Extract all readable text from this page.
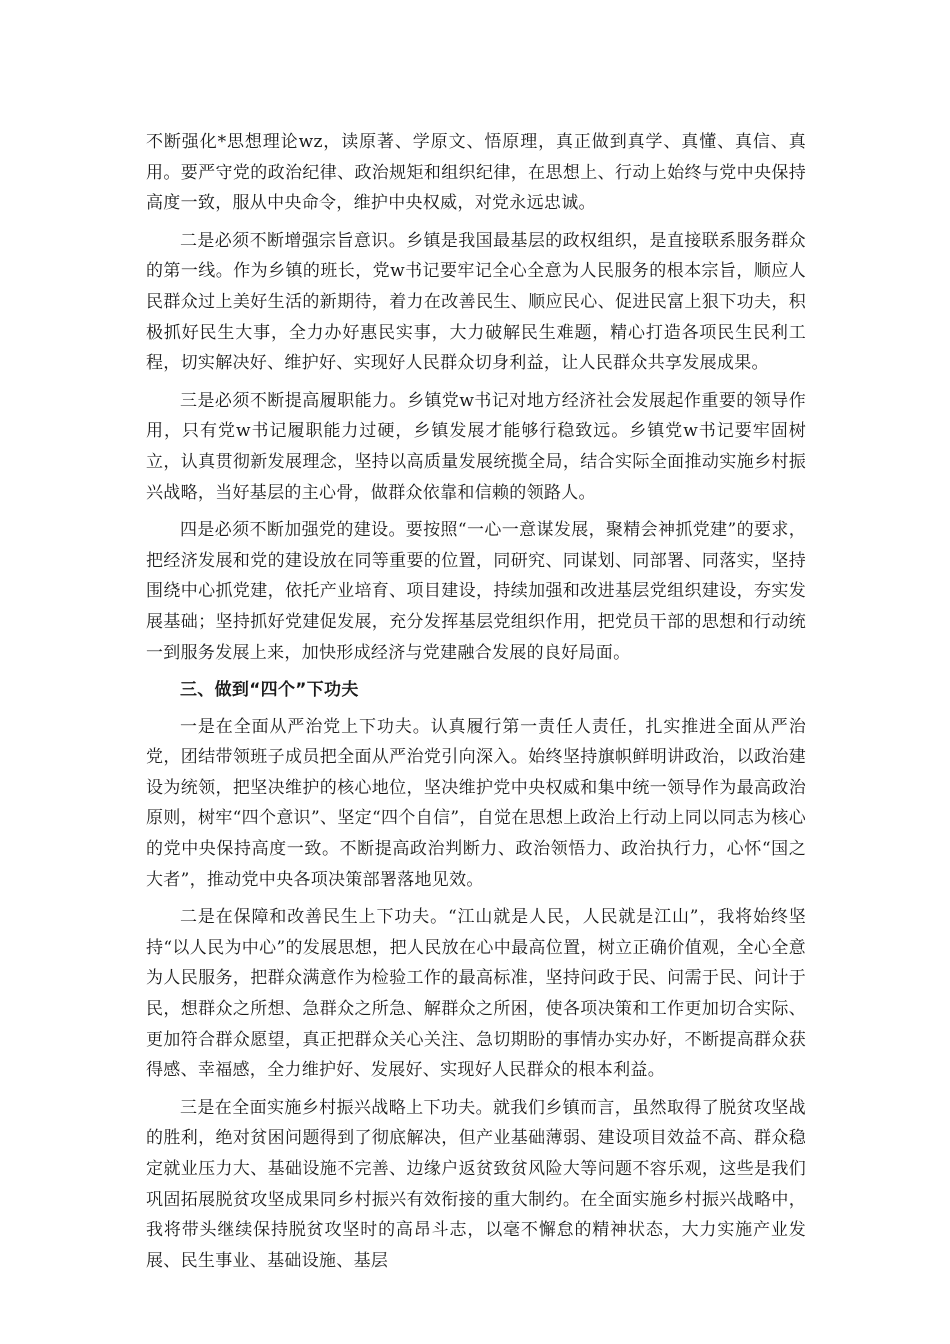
不断强化*思想理论wz，读原著、学原文、悟原理，真正做到真学、真懂、真信、真用。要严守党的政治纪律、政治规矩和组织纪律，在思想上、行动上始终与党中央保持高度一致，服从中央命令，维护中央权威，对党永远忠诚。

二是必须不断增强宗旨意识。乡镇是我国最基层的政权组织，是直接联系服务群众的第一线。作为乡镇的班长，党w书记要牢记全心全意为人民服务的根本宗旨，顺应人民群众过上美好生活的新期待，着力在改善民生、顺应民心、促进民富上狠下功夫，积极抓好民生大事，全力办好惠民实事，大力破解民生难题，精心打造各项民生民利工程，切实解决好、维护好、实现好人民群众切身利益，让人民群众共享发展成果。

三是必须不断提高履职能力。乡镇党w书记对地方经济社会发展起作重要的领导作用，只有党w书记履职能力过硬，乡镇发展才能够行稳致远。乡镇党w书记要牢固树立，认真贯彻新发展理念，坚持以高质量发展统揽全局，结合实际全面推动实施乡村振兴战略，当好基层的主心骨，做群众依靠和信赖的领路人。

四是必须不断加强党的建设。要按照“一心一意谋发展，聚精会神抓党建”的要求，把经济发展和党的建设放在同等重要的位置，同研究、同谋划、同部署、同落实，坚持围绕中心抓党建，依托产业培育、项目建设，持续加强和改进基层党组织建设，夯实发展基础；坚持抓好党建促发展，充分发挥基层党组织作用，把党员干部的思想和行动统一到服务发展上来，加快形成经济与党建融合发展的良好局面。

三、做到“四个”下功夫

一是在全面从严治党上下功夫。认真履行第一责任人责任，扎实推进全面从严治党，团结带领班子成员把全面从严治党引向深入。始终坚持旗帜鲜明讲政治，以政治建设为统领，把坚决维护的核心地位，坚决维护党中央权威和集中统一领导作为最高政治原则，树牢“四个意识”、坚定“四个自信”，自觉在思想上政治上行动上同以同志为核心的党中央保持高度一致。不断提高政治判断力、政治领悟力、政治执行力，心怀“国之大者”，推动党中央各项决策部署落地见效。

二是在保障和改善民生上下功夫。“江山就是人民，人民就是江山”，我将始终坚持“以人民为中心”的发展思想，把人民放在心中最高位置，树立正确价值观，全心全意为人民服务，把群众满意作为检验工作的最高标准，坚持问政于民、问需于民、问计于民，想群众之所想、急群众之所急、解群众之所困，使各项决策和工作更加切合实际、更加符合群众愿望，真正把群众关心关注、急切期盼的事情办实办好，不断提高群众获得感、幸福感，全力维护好、发展好、实现好人民群众的根本利益。

三是在全面实施乡村振兴战略上下功夫。就我们乡镇而言，虽然取得了脱贫攻坚战的胜利，绝对贫困问题得到了彻底解决，但产业基础薄弱、建设项目效益不高、群众稳定就业压力大、基础设施不完善、边缘户返贫致贫风险大等问题不容乐观，这些是我们巩固拓展脱贫攻坚成果同乡村振兴有效衔接的重大制约。在全面实施乡村振兴战略中，我将带头继续保持脱贫攻坚时的高昂斗志，以毫不懈怠的精神状态，大力实施产业发展、民生事业、基础设施、基层
